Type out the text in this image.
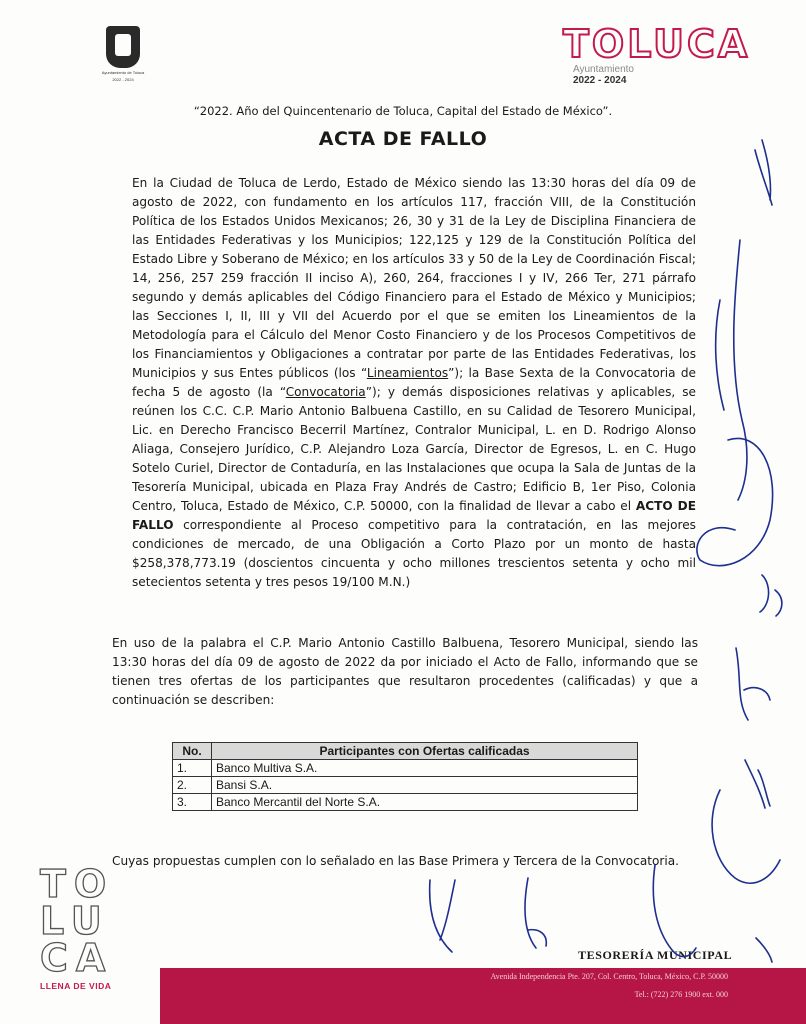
Ayuntamiento de Toluca
2022 - 2024
TOLUCA
Ayuntamiento
2022 - 2024
“2022. Año del Quincentenario de Toluca, Capital del Estado de México”.
ACTA DE FALLO
En la Ciudad de Toluca de Lerdo, Estado de México siendo las 13:30 horas del día 09 de agosto de 2022, con fundamento en los artículos 117, fracción VIII, de la Constitución Política de los Estados Unidos Mexicanos; 26, 30 y 31 de la Ley de Disciplina Financiera de las Entidades Federativas y los Municipios; 122,125 y 129 de la Constitución Política del Estado Libre y Soberano de México; en los artículos 33 y 50 de la Ley de Coordinación Fiscal; 14, 256, 257 259 fracción II inciso A), 260, 264, fracciones I y IV, 266 Ter, 271 párrafo segundo y demás aplicables del Código Financiero para el Estado de México y Municipios; las Secciones I, II, III y VII del Acuerdo por el que se emiten los Lineamientos de la Metodología para el Cálculo del Menor Costo Financiero y de los Procesos Competitivos de los Financiamientos y Obligaciones a contratar por parte de las Entidades Federativas, los Municipios y sus Entes públicos (los “Lineamientos”); la Base Sexta de la Convocatoria de fecha 5 de agosto (la “Convocatoria”); y demás disposiciones relativas y aplicables, se reúnen los C.C. C.P. Mario Antonio Balbuena Castillo, en su Calidad de Tesorero Municipal, Lic. en Derecho Francisco Becerril Martínez, Contralor Municipal, L. en D. Rodrigo Alonso Aliaga, Consejero Jurídico, C.P. Alejandro Loza García, Director de Egresos, L. en C. Hugo Sotelo Curiel, Director de Contaduría, en las Instalaciones que ocupa la Sala de Juntas de la Tesorería Municipal, ubicada en Plaza Fray Andrés de Castro; Edificio B, 1er Piso, Colonia Centro, Toluca, Estado de México, C.P. 50000, con la finalidad de llevar a cabo el ACTO DE FALLO correspondiente al Proceso competitivo para la contratación, en las mejores condiciones de mercado, de una Obligación a Corto Plazo por un monto de hasta $258,378,773.19 (doscientos cincuenta y ocho millones trescientos setenta y ocho mil setecientos setenta y tres pesos 19/100 M.N.)
En uso de la palabra el C.P. Mario Antonio Castillo Balbuena, Tesorero Municipal, siendo las 13:30 horas del día 09 de agosto de 2022 da por iniciado el Acto de Fallo, informando que se tienen tres ofertas de los participantes que resultaron procedentes (calificadas) y que a continuación se describen:
No.	Participantes con Ofertas calificadas
1.	Banco Multiva S.A.
2.	Bansi S.A.
3.	Banco Mercantil del Norte S.A.
Cuyas propuestas cumplen con lo señalado en las Base Primera y Tercera de la Convocatoria.
TO
LU
CA
LLENA DE VIDA
TESORERÍA MUNICIPAL
Avenida Independencia Pte. 207, Col. Centro, Toluca, México, C.P. 50000
Tel.: (722) 276 1900 ext. 000
